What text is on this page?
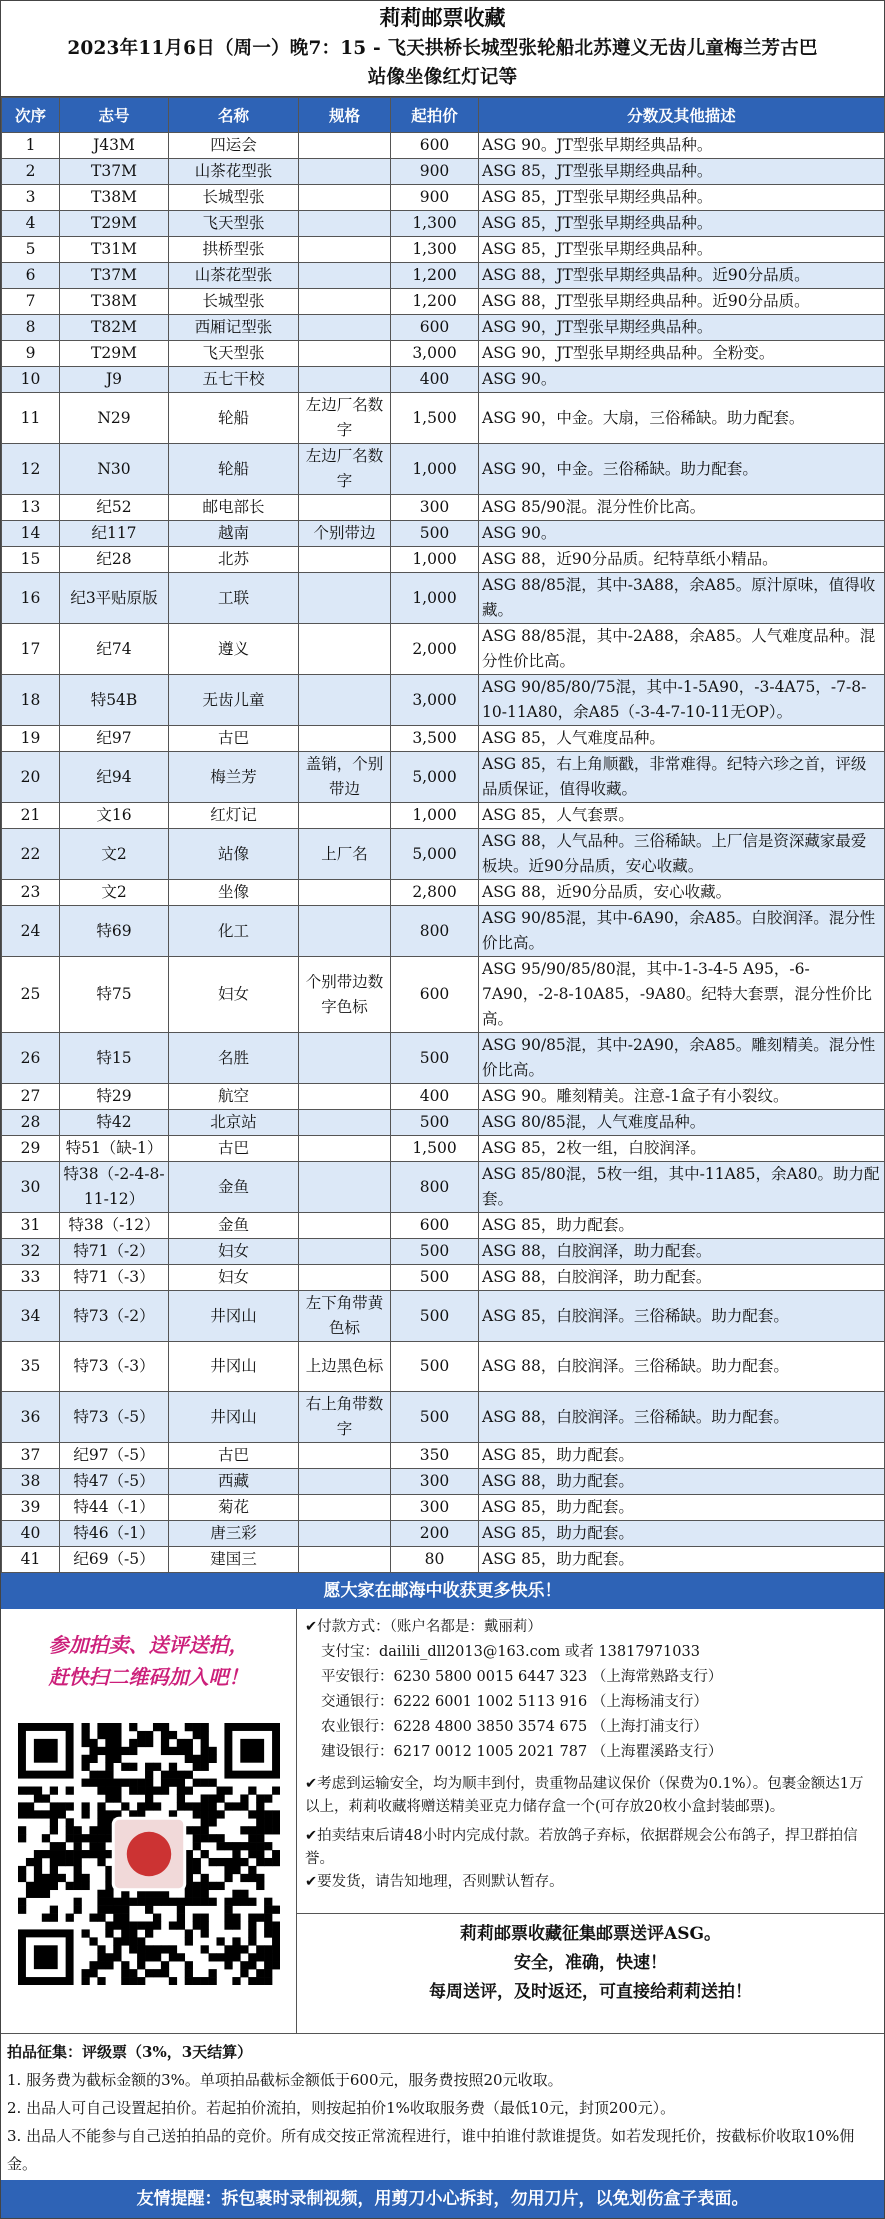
莉莉邮票收藏
2023年11月6日（周一）晚7：15 - 飞天拱桥长城型张轮船北苏遵义无齿儿童梅兰芳古巴
站像坐像红灯记等
次序	志号	名称	规格	起拍价	分数及其他描述
1	J43M	四运会		600	ASG 90。JT型张早期经典品种。
2	T37M	山茶花型张		900	ASG 85，JT型张早期经典品种。
3	T38M	长城型张		900	ASG 85，JT型张早期经典品种。
4	T29M	飞天型张		1,300	ASG 85，JT型张早期经典品种。
5	T31M	拱桥型张		1,300	ASG 85，JT型张早期经典品种。
6	T37M	山茶花型张		1,200	ASG 88，JT型张早期经典品种。近90分品质。
7	T38M	长城型张		1,200	ASG 88，JT型张早期经典品种。近90分品质。
8	T82M	西厢记型张		600	ASG 90，JT型张早期经典品种。
9	T29M	飞天型张		3,000	ASG 90，JT型张早期经典品种。全粉变。
10	J9	五七干校		400	ASG 90。
11	N29	轮船	左边厂名数字	1,500	ASG 90，中金。大扇，三俗稀缺。助力配套。
12	N30	轮船	左边厂名数字	1,000	ASG 90，中金。三俗稀缺。助力配套。
13	纪52	邮电部长		300	ASG 85/90混。混分性价比高。
14	纪117	越南	个别带边	500	ASG 90。
15	纪28	北苏		1,000	ASG 88，近90分品质。纪特草纸小精品。
16	纪3平贴原版	工联		1,000	ASG 88/85混，其中-3A88，余A85。原汁原味，值得收藏。
17	纪74	遵义		2,000	ASG 88/85混，其中-2A88，余A85。人气难度品种。混分性价比高。
18	特54B	无齿儿童		3,000	ASG 90/85/80/75混，其中-1-5A90，-3-4A75，-7-8-10-11A80，余A85（-3-4-7-10-11无OP）。
19	纪97	古巴		3,500	ASG 85，人气难度品种。
20	纪94	梅兰芳	盖销，个别带边	5,000	ASG 85，右上角顺戳，非常难得。纪特六珍之首，评级品质保证，值得收藏。
21	文16	红灯记		1,000	ASG 85，人气套票。
22	文2	站像	上厂名	5,000	ASG 88，人气品种。三俗稀缺。上厂信是资深藏家最爱板块。近90分品质，安心收藏。
23	文2	坐像		2,800	ASG 88，近90分品质，安心收藏。
24	特69	化工		800	ASG 90/85混，其中-6A90，余A85。白胶润泽。混分性价比高。
25	特75	妇女	个别带边数字色标	600	ASG 95/90/85/80混，其中-1-3-4-5 A95，-6-7A90，-2-8-10A85，-9A80。纪特大套票，混分性价比高。
26	特15	名胜		500	ASG 90/85混，其中-2A90，余A85。雕刻精美。混分性价比高。
27	特29	航空		400	ASG 90。雕刻精美。注意-1盒子有小裂纹。
28	特42	北京站		500	ASG 80/85混，人气难度品种。
29	特51（缺-1）	古巴		1,500	ASG 85，2枚一组，白胶润泽。
30	特38（-2-4-8-11-12）	金鱼		800	ASG 85/80混，5枚一组，其中-11A85，余A80。助力配套。
31	特38（-12）	金鱼		600	ASG 85，助力配套。
32	特71（-2）	妇女		500	ASG 88，白胶润泽，助力配套。
33	特71（-3）	妇女		500	ASG 88，白胶润泽，助力配套。
34	特73（-2）	井冈山	左下角带黄色标	500	ASG 85，白胶润泽。三俗稀缺。助力配套。
35	特73（-3）	井冈山	上边黑色标	500	ASG 88，白胶润泽。三俗稀缺。助力配套。
36	特73（-5）	井冈山	右上角带数字	500	ASG 88，白胶润泽。三俗稀缺。助力配套。
37	纪97（-5）	古巴		350	ASG 85，助力配套。
38	特47（-5）	西藏		300	ASG 88，助力配套。
39	特44（-1）	菊花		300	ASG 85，助力配套。
40	特46（-1）	唐三彩		200	ASG 85，助力配套。
41	纪69（-5）	建国三		80	ASG 85，助力配套。
愿大家在邮海中收获更多快乐！
参加拍卖、送评送拍，
赶快扫二维码加入吧！
✔付款方式：（账户名都是：戴丽莉）
支付宝：dailili_dll2013@163.com 或者 13817971033
平安银行：6230 5800 0015 6447 323 （上海常熟路支行）
交通银行：6222 6001 1002 5113 916 （上海杨浦支行）
农业银行：6228 4800 3850 3574 675 （上海打浦支行）
建设银行：6217 0012 1005 2021 787 （上海瞿溪路支行）
✔考虑到运输安全，均为顺丰到付，贵重物品建议保价（保费为0.1%）。包裹金额达1万以上，莉莉收藏将赠送精美亚克力储存盒一个(可存放20枚小盒封装邮票)。
✔拍卖结束后请48小时内完成付款。若放鸽子弃标，依据群规会公布鸽子，捍卫群拍信誉。
✔要发货，请告知地理，否则默认暂存。
莉莉邮票收藏征集邮票送评ASG。
安全，准确，快速！
每周送评，及时返还，可直接给莉莉送拍！
拍品征集：评级票（3%，3天结算）
1. 服务费为截标金额的3%。单项拍品截标金额低于600元，服务费按照20元收取。
2. 出品人可自己设置起拍价。若起拍价流拍，则按起拍价1%收取服务费（最低10元，封顶200元）。
3. 出品人不能参与自己送拍拍品的竞价。所有成交按正常流程进行，谁中拍谁付款谁提货。如若发现托价，按截标价收取10%佣金。
友情提醒：拆包裹时录制视频，用剪刀小心拆封，勿用刀片，以免划伤盒子表面。
